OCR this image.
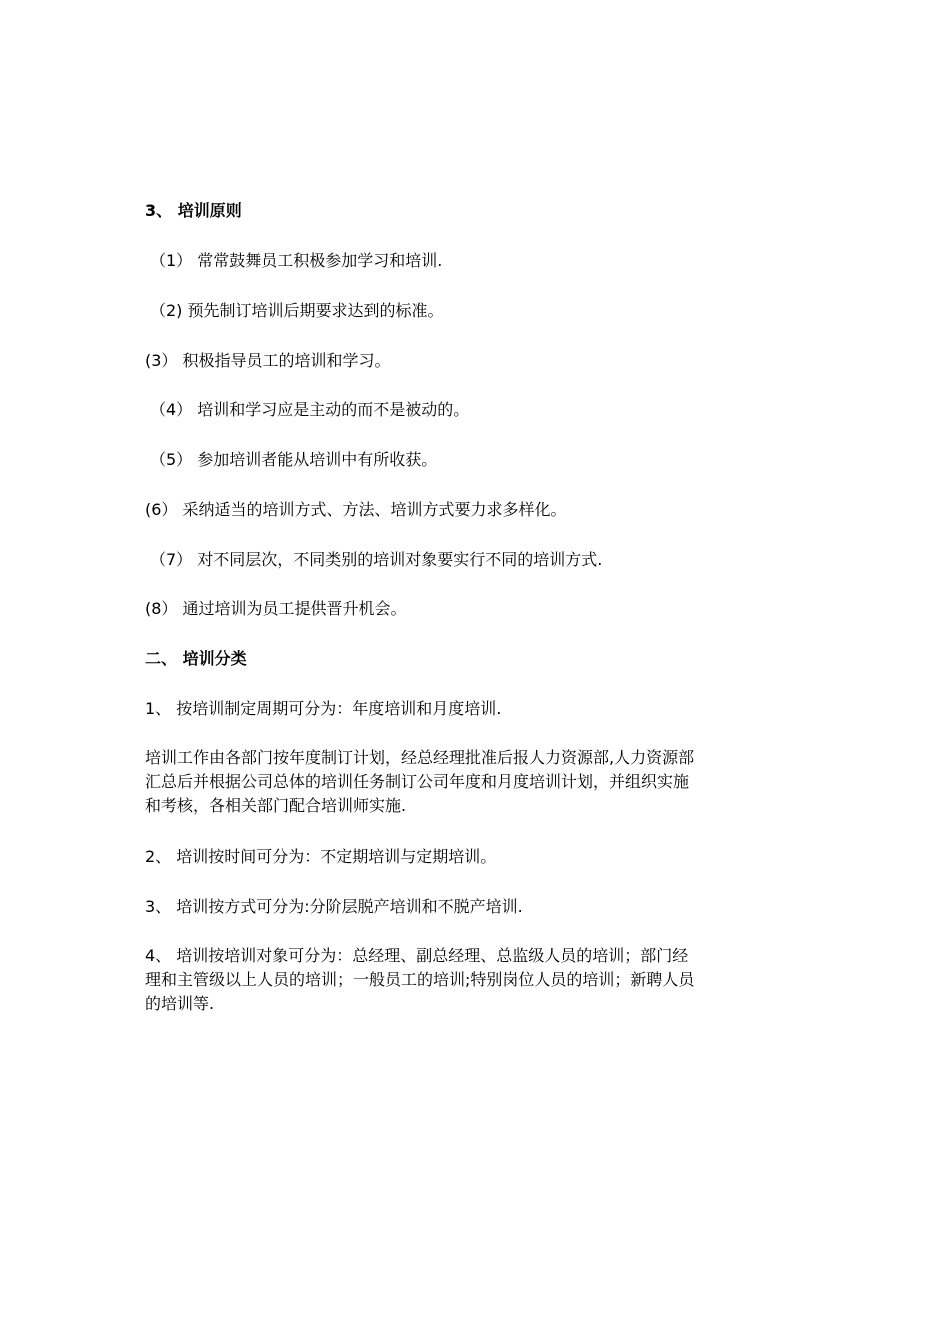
3、 培训原则
（1） 常常鼓舞员工积极参加学习和培训.
（2) 预先制订培训后期要求达到的标准。
(3） 积极指导员工的培训和学习。
（4） 培训和学习应是主动的而不是被动的。
（5） 参加培训者能从培训中有所收获。
(6） 采纳适当的培训方式、方法、培训方式要力求多样化。
（7） 对不同层次，不同类别的培训对象要实行不同的培训方式.
(8） 通过培训为员工提供晋升机会。
二、 培训分类
1、 按培训制定周期可分为：年度培训和月度培训.
培训工作由各部门按年度制订计划，经总经理批准后报人力资源部,人力资源部
汇总后并根据公司总体的培训任务制订公司年度和月度培训计划，并组织实施
和考核，各相关部门配合培训师实施.
2、 培训按时间可分为：不定期培训与定期培训。
3、 培训按方式可分为:分阶层脱产培训和不脱产培训.
4、 培训按培训对象可分为：总经理、副总经理、总监级人员的培训；部门经
理和主管级以上人员的培训；一般员工的培训;特别岗位人员的培训；新聘人员
的培训等.
